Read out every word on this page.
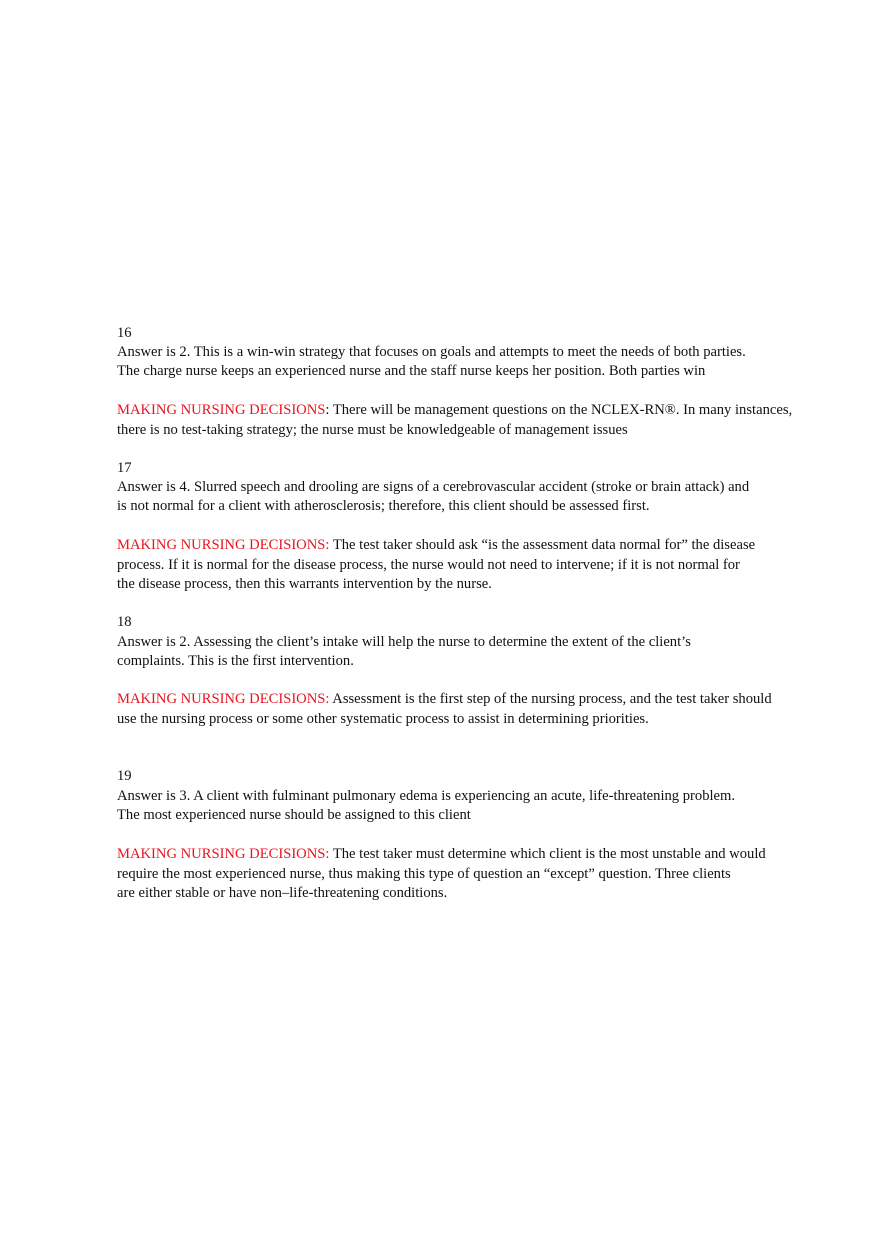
16
Answer is 2. This is a win-win strategy that focuses on goals and attempts to meet the needs of both parties.
The charge nurse keeps an experienced nurse and the staff nurse keeps her position. Both parties win
MAKING NURSING DECISIONS: There will be management questions on the NCLEX-RN®. In many instances,
there is no test-taking strategy; the nurse must be knowledgeable of management issues
17
Answer is 4. Slurred speech and drooling are signs of a cerebrovascular accident (stroke or brain attack) and
is not normal for a client with atherosclerosis; therefore, this client should be assessed first.
MAKING NURSING DECISIONS: The test taker should ask “is the assessment data normal for” the disease
process. If it is normal for the disease process, the nurse would not need to intervene; if it is not normal for
the disease process, then this warrants intervention by the nurse.
18
Answer is 2. Assessing the client’s intake will help the nurse to determine the extent of the client’s
complaints. This is the first intervention.
MAKING NURSING DECISIONS: Assessment is the first step of the nursing process, and the test taker should
use the nursing process or some other systematic process to assist in determining priorities.
19
Answer is 3. A client with fulminant pulmonary edema is experiencing an acute, life-threatening problem.
The most experienced nurse should be assigned to this client
MAKING NURSING DECISIONS: The test taker must determine which client is the most unstable and would
require the most experienced nurse, thus making this type of question an “except” question. Three clients
are either stable or have non–life-threatening conditions.
